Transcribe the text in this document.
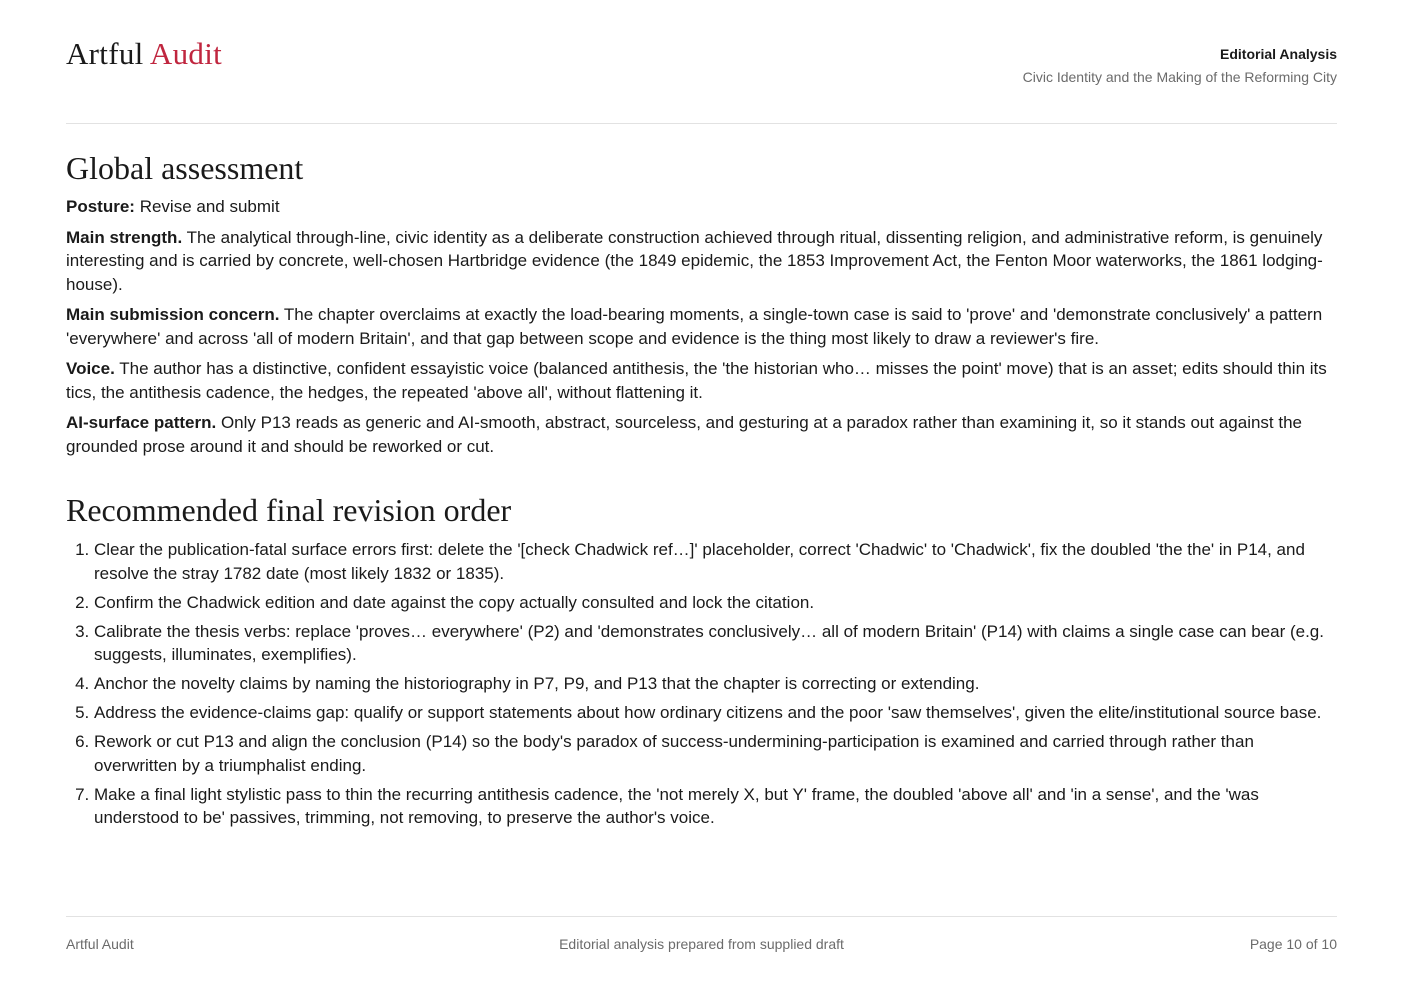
Artful Audit	Editorial Analysis
Civic Identity and the Making of the Reforming City
Global assessment

Posture: Revise and submit

Main strength. The analytical through-line, civic identity as a deliberate construction achieved through ritual, dissenting religion, and administrative reform, is genuinely interesting and is carried by concrete, well-chosen Hartbridge evidence (the 1849 epidemic, the 1853 Improvement Act, the Fenton Moor waterworks, the 1861 lodging-house).

Main submission concern. The chapter overclaims at exactly the load-bearing moments, a single-town case is said to 'prove' and 'demonstrate conclusively' a pattern 'everywhere' and across 'all of modern Britain', and that gap between scope and evidence is the thing most likely to draw a reviewer's fire.

Voice. The author has a distinctive, confident essayistic voice (balanced antithesis, the 'the historian who… misses the point' move) that is an asset; edits should thin its tics, the antithesis cadence, the hedges, the repeated 'above all', without flattening it.

AI-surface pattern. Only P13 reads as generic and AI-smooth, abstract, sourceless, and gesturing at a paradox rather than examining it, so it stands out against the grounded prose around it and should be reworked or cut.

Recommended final revision order
1. Clear the publication-fatal surface errors first: delete the '[check Chadwick ref…]' placeholder, correct 'Chadwic' to 'Chadwick', fix the doubled 'the the' in P14, and resolve the stray 1782 date (most likely 1832 or 1835).
2. Confirm the Chadwick edition and date against the copy actually consulted and lock the citation.
3. Calibrate the thesis verbs: replace 'proves… everywhere' (P2) and 'demonstrates conclusively… all of modern Britain' (P14) with claims a single case can bear (e.g. suggests, illuminates, exemplifies).
4. Anchor the novelty claims by naming the historiography in P7, P9, and P13 that the chapter is correcting or extending.
5. Address the evidence-claims gap: qualify or support statements about how ordinary citizens and the poor 'saw themselves', given the elite/institutional source base.
6. Rework or cut P13 and align the conclusion (P14) so the body's paradox of success-undermining-participation is examined and carried through rather than overwritten by a triumphalist ending.
7. Make a final light stylistic pass to thin the recurring antithesis cadence, the 'not merely X, but Y' frame, the doubled 'above all' and 'in a sense', and the 'was understood to be' passives, trimming, not removing, to preserve the author's voice.
Artful Audit	Editorial analysis prepared from supplied draft	Page 10 of 10
